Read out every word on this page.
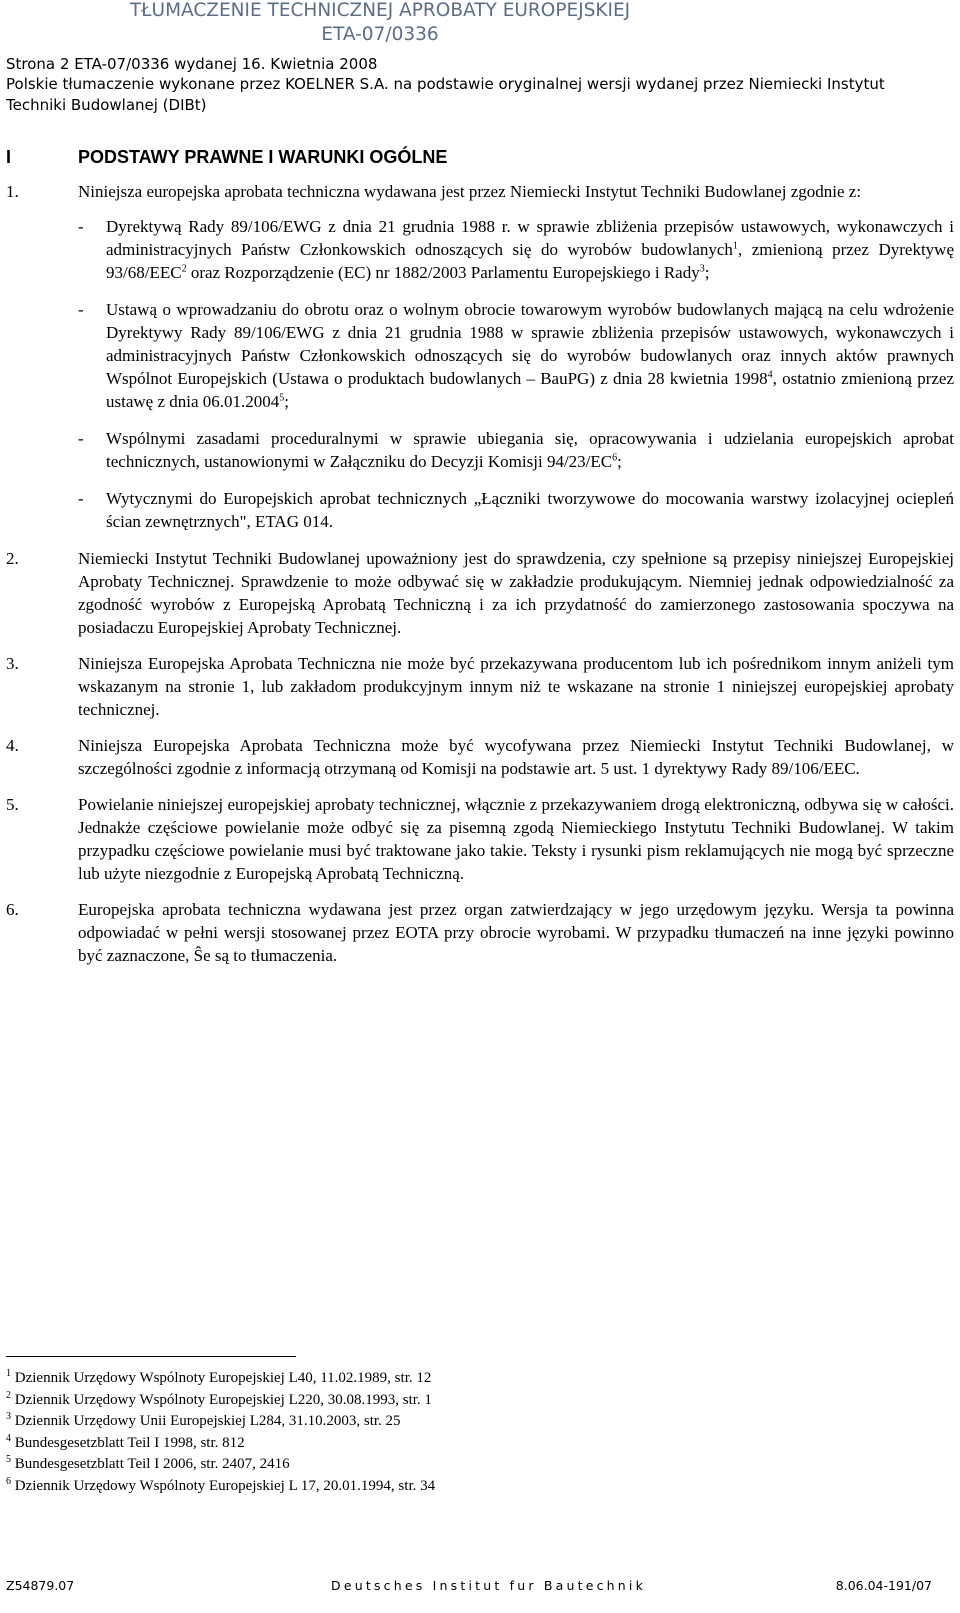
TŁUMACZENIE TECHNICZNEJ APROBATY EUROPEJSKIEJ
ETA-07/0336
Strona 2 ETA-07/0336 wydanej 16. Kwietnia 2008
Polskie tłumaczenie wykonane przez KOELNER S.A. na podstawie oryginalnej wersji wydanej przez Niemiecki Instytut
Techniki Budowlanej (DIBt)
I	PODSTAWY PRAWNE I WARUNKI OGÓLNE
1.	Niniejsza europejska aprobata techniczna wydawana jest przez Niemiecki Instytut Techniki Budowlanej zgodnie z:
- Dyrektywą Rady 89/106/EWG z dnia 21 grudnia 1988 r. w sprawie zbliżenia przepisów ustawowych, wykonawczych i administracyjnych Państw Członkowskich odnoszących się do wyrobów budowlanych$^1$, zmienioną przez Dyrektywę 93/68/EEC$^2$ oraz Rozporządzenie (EC) nr 1882/2003 Parlamentu Europejskiego i Rady$^3$;
- Ustawą o wprowadzaniu do obrotu oraz o wolnym obrocie towarowym wyrobów budowlanych mającą na celu wdrożenie Dyrektywy Rady 89/106/EWG z dnia 21 grudnia 1988 w sprawie zbliżenia przepisów ustawowych, wykonawczych i administracyjnych Państw Członkowskich odnoszących się do wyrobów budowlanych oraz innych aktów prawnych Wspólnot Europejskich (Ustawa o produktach budowlanych – BauPG) z dnia 28 kwietnia 1998$^4$, ostatnio zmienioną przez ustawę z dnia 06.01.2004$^5$;
- Wspólnymi zasadami proceduralnymi w sprawie ubiegania się, opracowywania i udzielania europejskich aprobat technicznych, ustanowionymi w Załączniku do Decyzji Komisji $94/23/EC^6$;
- Wytycznymi do Europejskich aprobat technicznych „Łączniki tworzywowe do mocowania warstwy izolacyjnej ociepleń ścian zewnętrznych", ETAG 014.
2.	Niemiecki Instytut Techniki Budowlanej upoważniony jest do sprawdzenia, czy spełnione są przepisy niniejszej Europejskiej Aprobaty Technicznej. Sprawdzenie to może odbywać się w zakładzie produkującym. Niemniej jednak odpowiedzialność za zgodność wyrobów z Europejską Aprobatą Techniczną i za ich przydatność do zamierzonego zastosowania spoczywa na posiadaczu Europejskiej Aprobaty Technicznej.
3.	Niniejsza Europejska Aprobata Techniczna nie może być przekazywana producentom lub ich pośrednikom innym aniżeli tym wskazanym na stronie 1, lub zakładom produkcyjnym innym niż te wskazane na stronie 1 niniejszej europejskiej aprobaty technicznej.
4.	Niniejsza Europejska Aprobata Techniczna może być wycofywana przez Niemiecki Instytut Techniki Budowlanej, w szczególności zgodnie z informacją otrzymaną od Komisji na podstawie art. 5 ust. 1 dyrektywy Rady 89/106/EEC.
5.	Powielanie niniejszej europejskiej aprobaty technicznej, włącznie z przekazywaniem drogą elektroniczną, odbywa się w całości. Jednakże częściowe powielanie może odbyć się za pisemną zgodą Niemieckiego Instytutu Techniki Budowlanej. W takim przypadku częściowe powielanie musi być traktowane jako takie. Teksty i rysunki pism reklamujących nie mogą być sprzeczne lub użyte niezgodnie z Europejską Aprobatą Techniczną.
6.	Europejska aprobata techniczna wydawana jest przez organ zatwierdzający w jego urzędowym języku. Wersja ta powinna odpowiadać w pełni wersji stosowanej przez EOTA przy obrocie wyrobami. W przypadku tłumaczeń na inne języki powinno być zaznaczone, Ŝe są to tłumaczenia.
$^1$ Dziennik Urzędowy Wspólnoty Europejskiej L40, 11.02.1989, str. 12
$^2$ Dziennik Urzędowy Wspólnoty Europejskiej L220, 30.08.1993, str. 1
$^3$ Dziennik Urzędowy Unii Europejskiej L284, 31.10.2003, str. 25
$^4$ Bundesgesetzblatt Teil I 1998, str. 812
$^5$ Bundesgesetzblatt Teil I 2006, str. 2407, 2416
$^6$ Dziennik Urzędowy Wspólnoty Europejskiej L 17, 20.01.1994, str. 34
Z54879.07	Deutsches Institut fur Bautechnik	8.06.04-191/07
